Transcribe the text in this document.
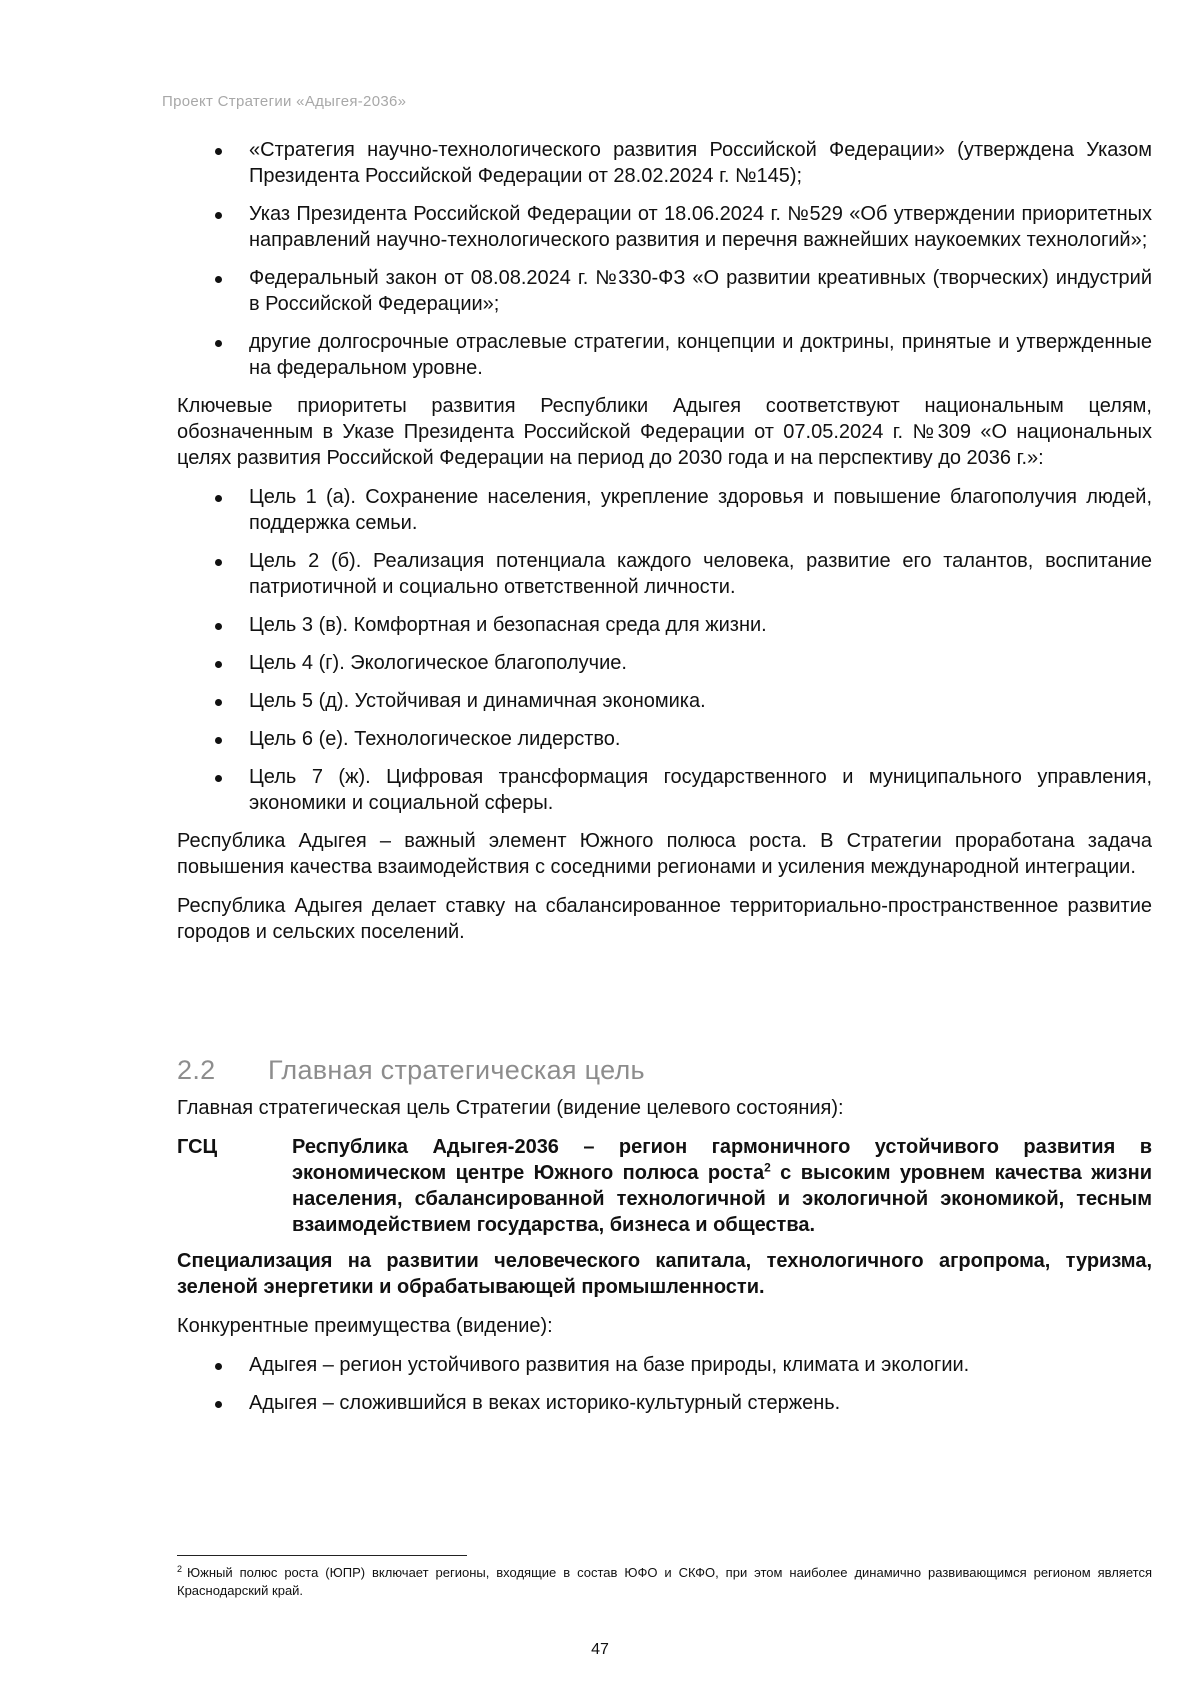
Проект Стратегии «Адыгея-2036»
«Стратегия научно-технологического развития Российской Федерации» (утверждена Указом Президента Российской Федерации от 28.02.2024 г. №145);
Указ Президента Российской Федерации от 18.06.2024 г. №529 «Об утверждении приоритетных направлений научно-технологического развития и перечня важнейших наукоемких технологий»;
Федеральный закон от 08.08.2024 г. №330-ФЗ «О развитии креативных (творческих) индустрий в Российской Федерации»;
другие долгосрочные отраслевые стратегии, концепции и доктрины, принятые и утвержденные на федеральном уровне.

Ключевые приоритеты развития Республики Адыгея соответствуют национальным целям, обозначенным в Указе Президента Российской Федерации от 07.05.2024 г. №309 «О национальных целях развития Российской Федерации на период до 2030 года и на перспективу до 2036 г.»:

Цель 1 (а). Сохранение населения, укрепление здоровья и повышение благополучия людей, поддержка семьи.
Цель 2 (б). Реализация потенциала каждого человека, развитие его талантов, воспитание патриотичной и социально ответственной личности.
Цель 3 (в). Комфортная и безопасная среда для жизни.
Цель 4 (г). Экологическое благополучие.
Цель 5 (д). Устойчивая и динамичная экономика.
Цель 6 (е). Технологическое лидерство.
Цель 7 (ж). Цифровая трансформация государственного и муниципального управления, экономики и социальной сферы.

Республика Адыгея – важный элемент Южного полюса роста. В Стратегии проработана задача повышения качества взаимодействия с соседними регионами и усиления международной интеграции.

Республика Адыгея делает ставку на сбалансированное территориально-пространственное развитие городов и сельских поселений.

2.2	Главная стратегическая цель

Главная стратегическая цель Стратегии (видение целевого состояния):

ГСЦ	Республика Адыгея-2036 – регион гармоничного устойчивого развития в экономическом центре Южного полюса роста$^2$ с высоким уровнем качества жизни населения, сбалансированной технологичной и экологичной экономикой, тесным взаимодействием государства, бизнеса и общества.

Специализация на развитии человеческого капитала, технологичного агропрома, туризма, зеленой энергетики и обрабатывающей промышленности.

Конкурентные преимущества (видение):

Адыгея – регион устойчивого развития на базе природы, климата и экологии.
Адыгея – сложившийся в веках историко-культурный стержень.
$^2$ Южный полюс роста (ЮПР) включает регионы, входящие в состав ЮФО и СКФО, при этом наиболее динамично развивающимся регионом является Краснодарский край.
47
